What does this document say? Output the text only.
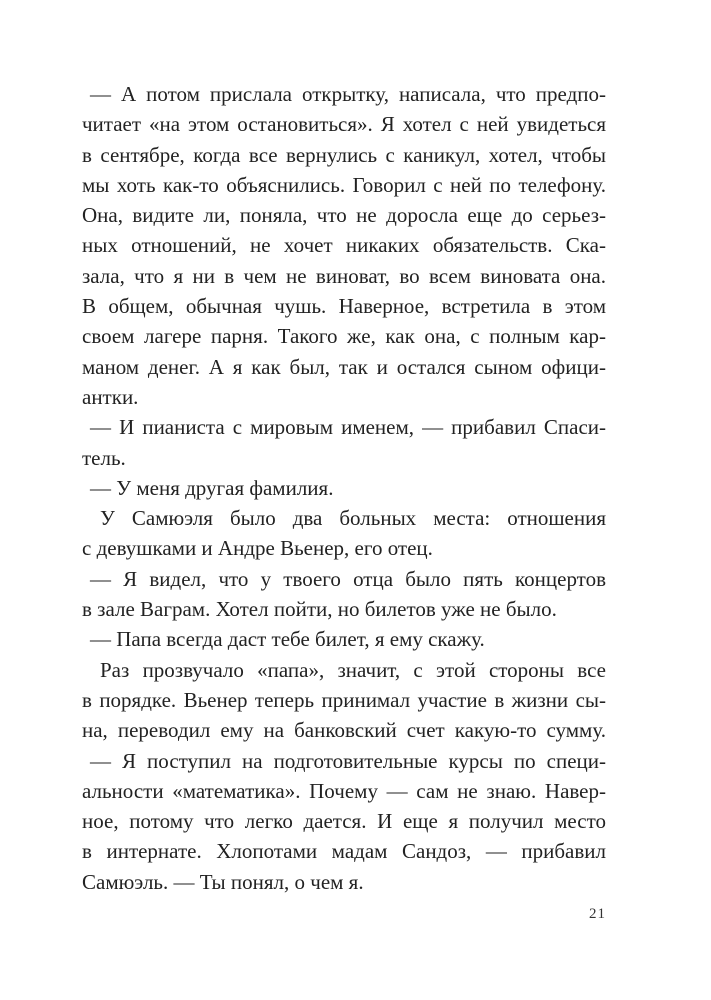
— А потом прислала открытку, написала, что предпо-
читает «на этом остановиться». Я хотел с ней увидеться
в сентябре, когда все вернулись с каникул, хотел, чтобы
мы хоть как-то объяснились. Говорил с ней по телефону.
Она, видите ли, поняла, что не доросла еще до серьез-
ных отношений, не хочет никаких обязательств. Ска-
зала, что я ни в чем не виноват, во всем виновата она.
В общем, обычная чушь. Наверное, встретила в этом
своем лагере парня. Такого же, как она, с полным кар-
маном денег. А я как был, так и остался сыном офици-
антки.
— И пианиста с мировым именем, — прибавил Спаси-
тель.
— У меня другая фамилия.
У Самюэля было два больных места: отношения
с девушками и Андре Вьенер, его отец.
— Я видел, что у твоего отца было пять концертов
в зале Ваграм. Хотел пойти, но билетов уже не было.
— Папа всегда даст тебе билет, я ему скажу.
Раз прозвучало «папа», значит, с этой стороны все
в порядке. Вьенер теперь принимал участие в жизни сы-
на, переводил ему на банковский счет какую-то сумму.
— Я поступил на подготовительные курсы по специ-
альности «математика». Почему — сам не знаю. Навер-
ное, потому что легко дается. И еще я получил место
в интернате. Хлопотами мадам Сандоз, — прибавил
Самюэль. — Ты понял, о чем я.
21
